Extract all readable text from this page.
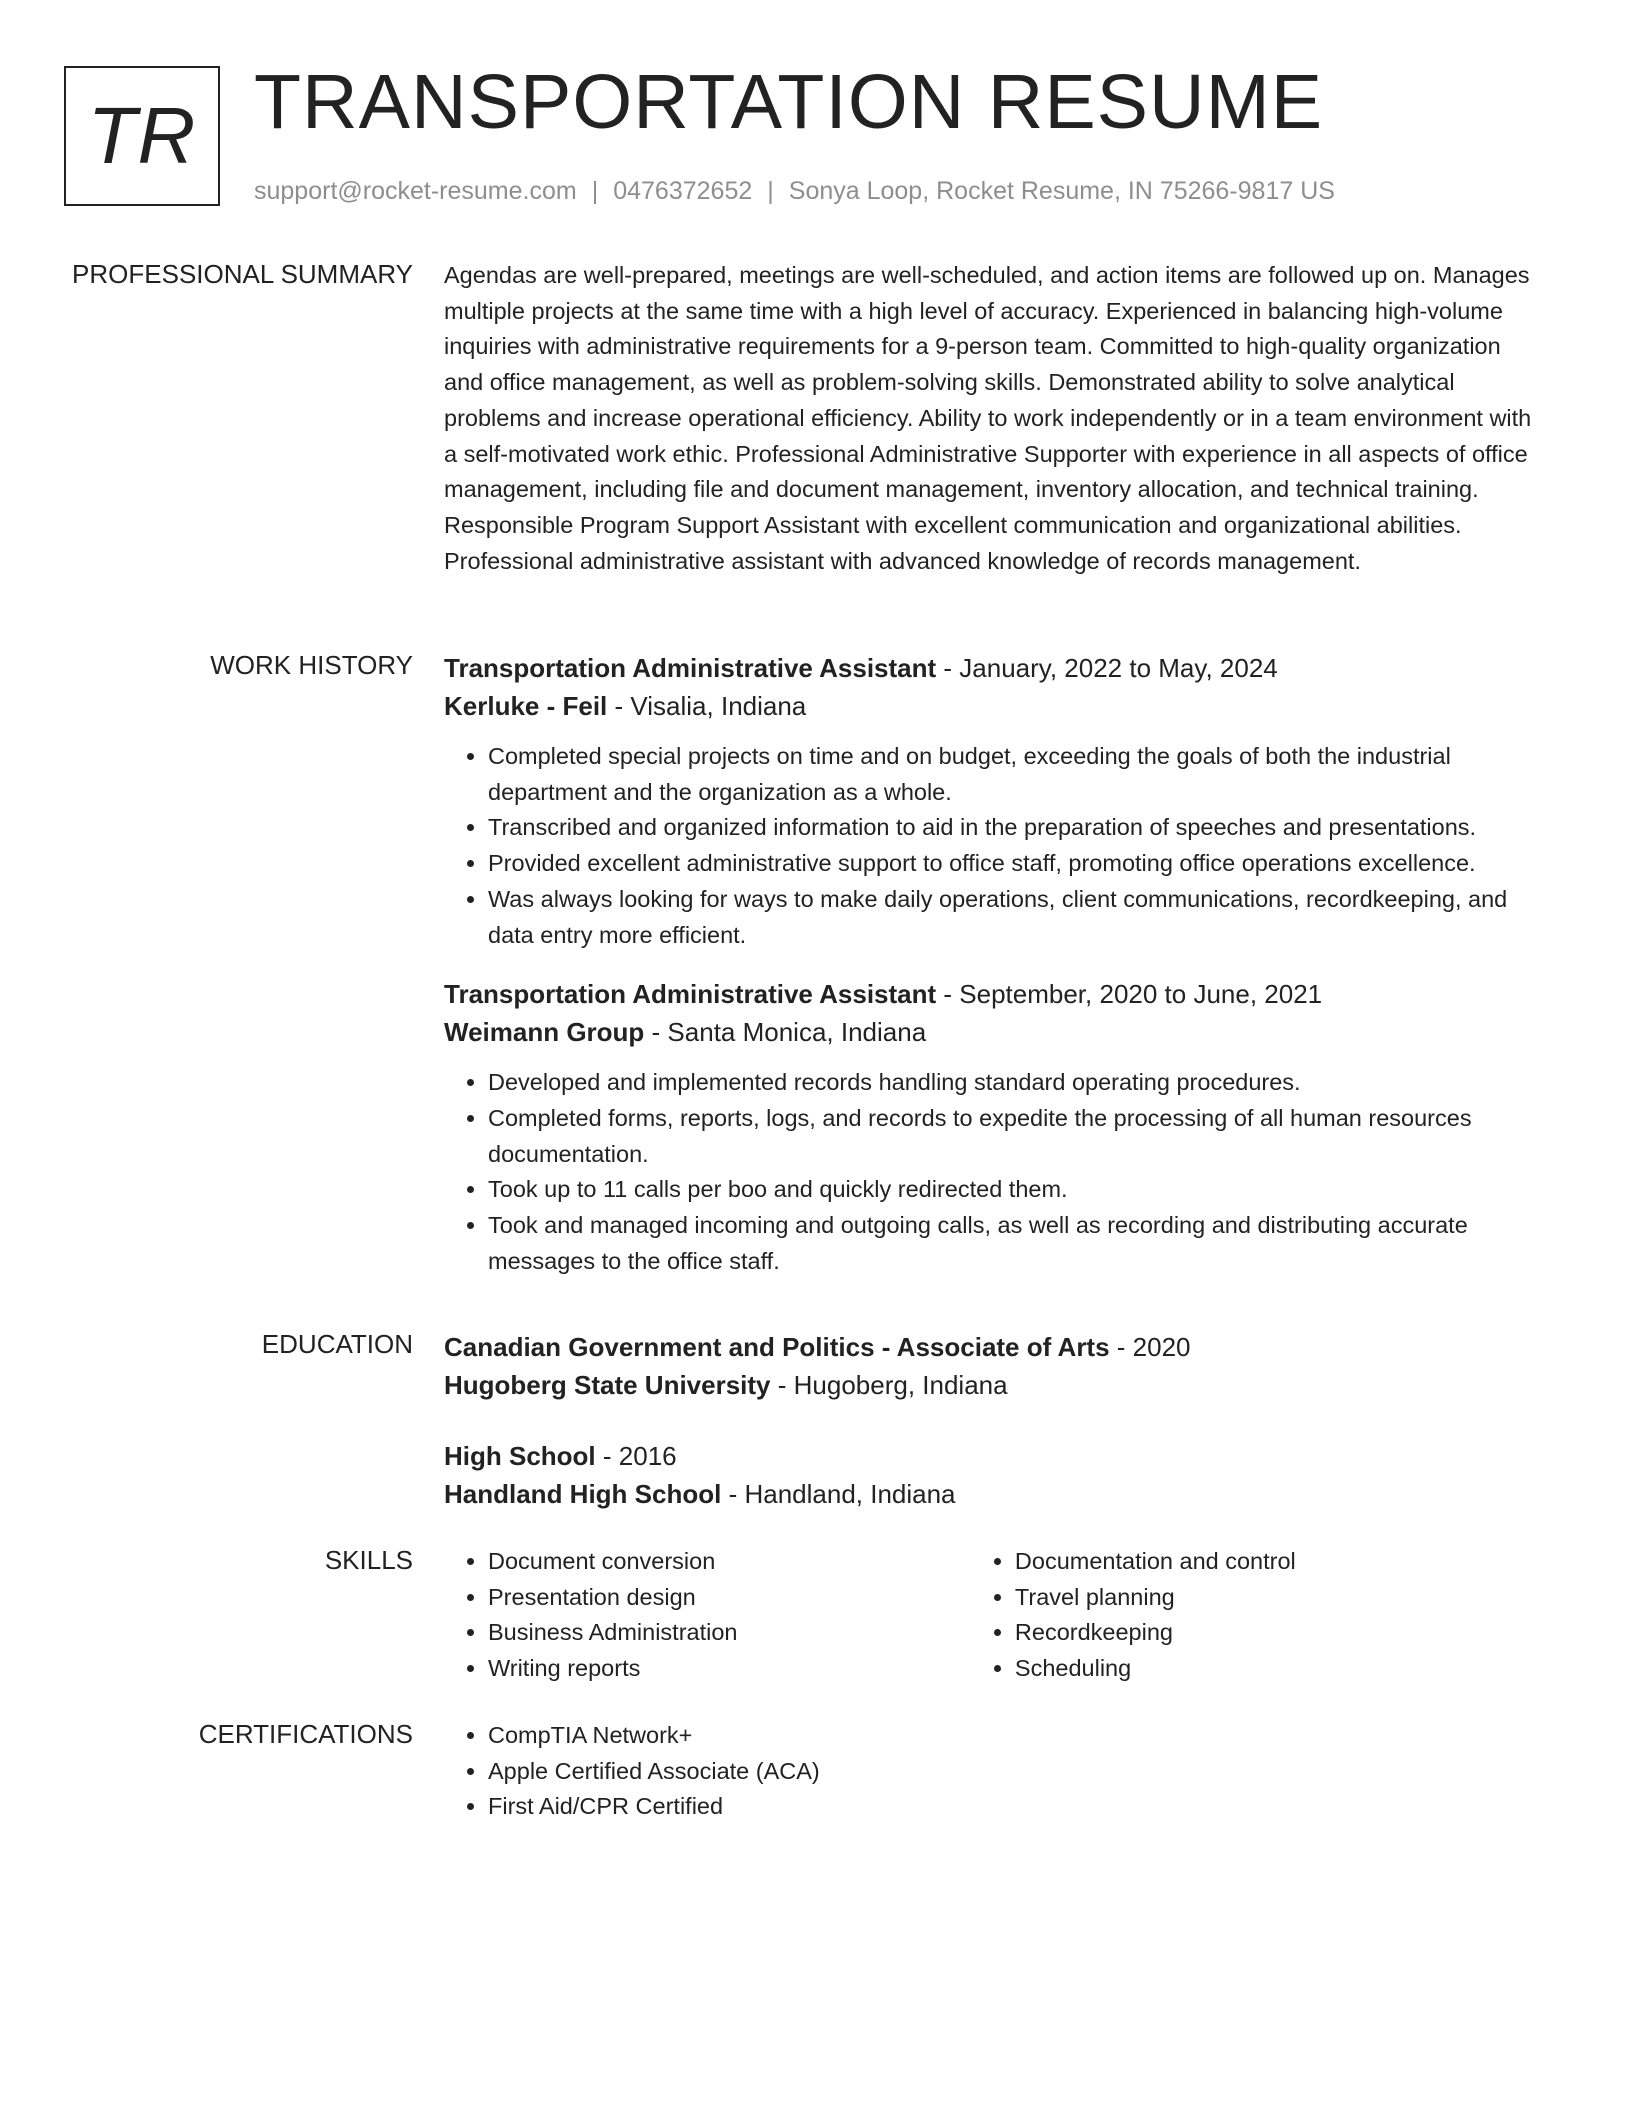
TR TRANSPORTATION RESUME
support@rocket-resume.com | 0476372652 | Sonya Loop, Rocket Resume, IN 75266-9817 US
PROFESSIONAL SUMMARY Agendas are well-prepared, meetings are well-scheduled, and action items are followed up on. Manages multiple projects at the same time with a high level of accuracy. Experienced in balancing high-volume inquiries with administrative requirements for a 9-person team. Committed to high-quality organization and office management, as well as problem-solving skills. Demonstrated ability to solve analytical problems and increase operational efficiency. Ability to work independently or in a team environment with a self-motivated work ethic. Professional Administrative Supporter with experience in all aspects of office management, including file and document management, inventory allocation, and technical training. Responsible Program Support Assistant with excellent communication and organizational abilities. Professional administrative assistant with advanced knowledge of records management.

WORK HISTORY Transportation Administrative Assistant - January, 2022 to May, 2024
Kerluke - Feil - Visalia, Indiana
• Completed special projects on time and on budget, exceeding the goals of both the industrial department and the organization as a whole.
• Transcribed and organized information to aid in the preparation of speeches and presentations.
• Provided excellent administrative support to office staff, promoting office operations excellence.
• Was always looking for ways to make daily operations, client communications, recordkeeping, and data entry more efficient.
Transportation Administrative Assistant - September, 2020 to June, 2021
Weimann Group - Santa Monica, Indiana
• Developed and implemented records handling standard operating procedures.
• Completed forms, reports, logs, and records to expedite the processing of all human resources documentation.
• Took up to 11 calls per boo and quickly redirected them.
• Took and managed incoming and outgoing calls, as well as recording and distributing accurate messages to the office staff.
EDUCATION Canadian Government and Politics - Associate of Arts - 2020
Hugoberg State University - Hugoberg, Indiana
High School - 2016
Handland High School - Handland, Indiana
SKILLS	• Document conversion
• Presentation design
• Business Administration
• Writing reports
• Documentation and control
• Travel planning
• Recordkeeping
• Scheduling
CERTIFICATIONS	• CompTIA Network+
• Apple Certified Associate (ACA)
• First Aid/CPR Certified
